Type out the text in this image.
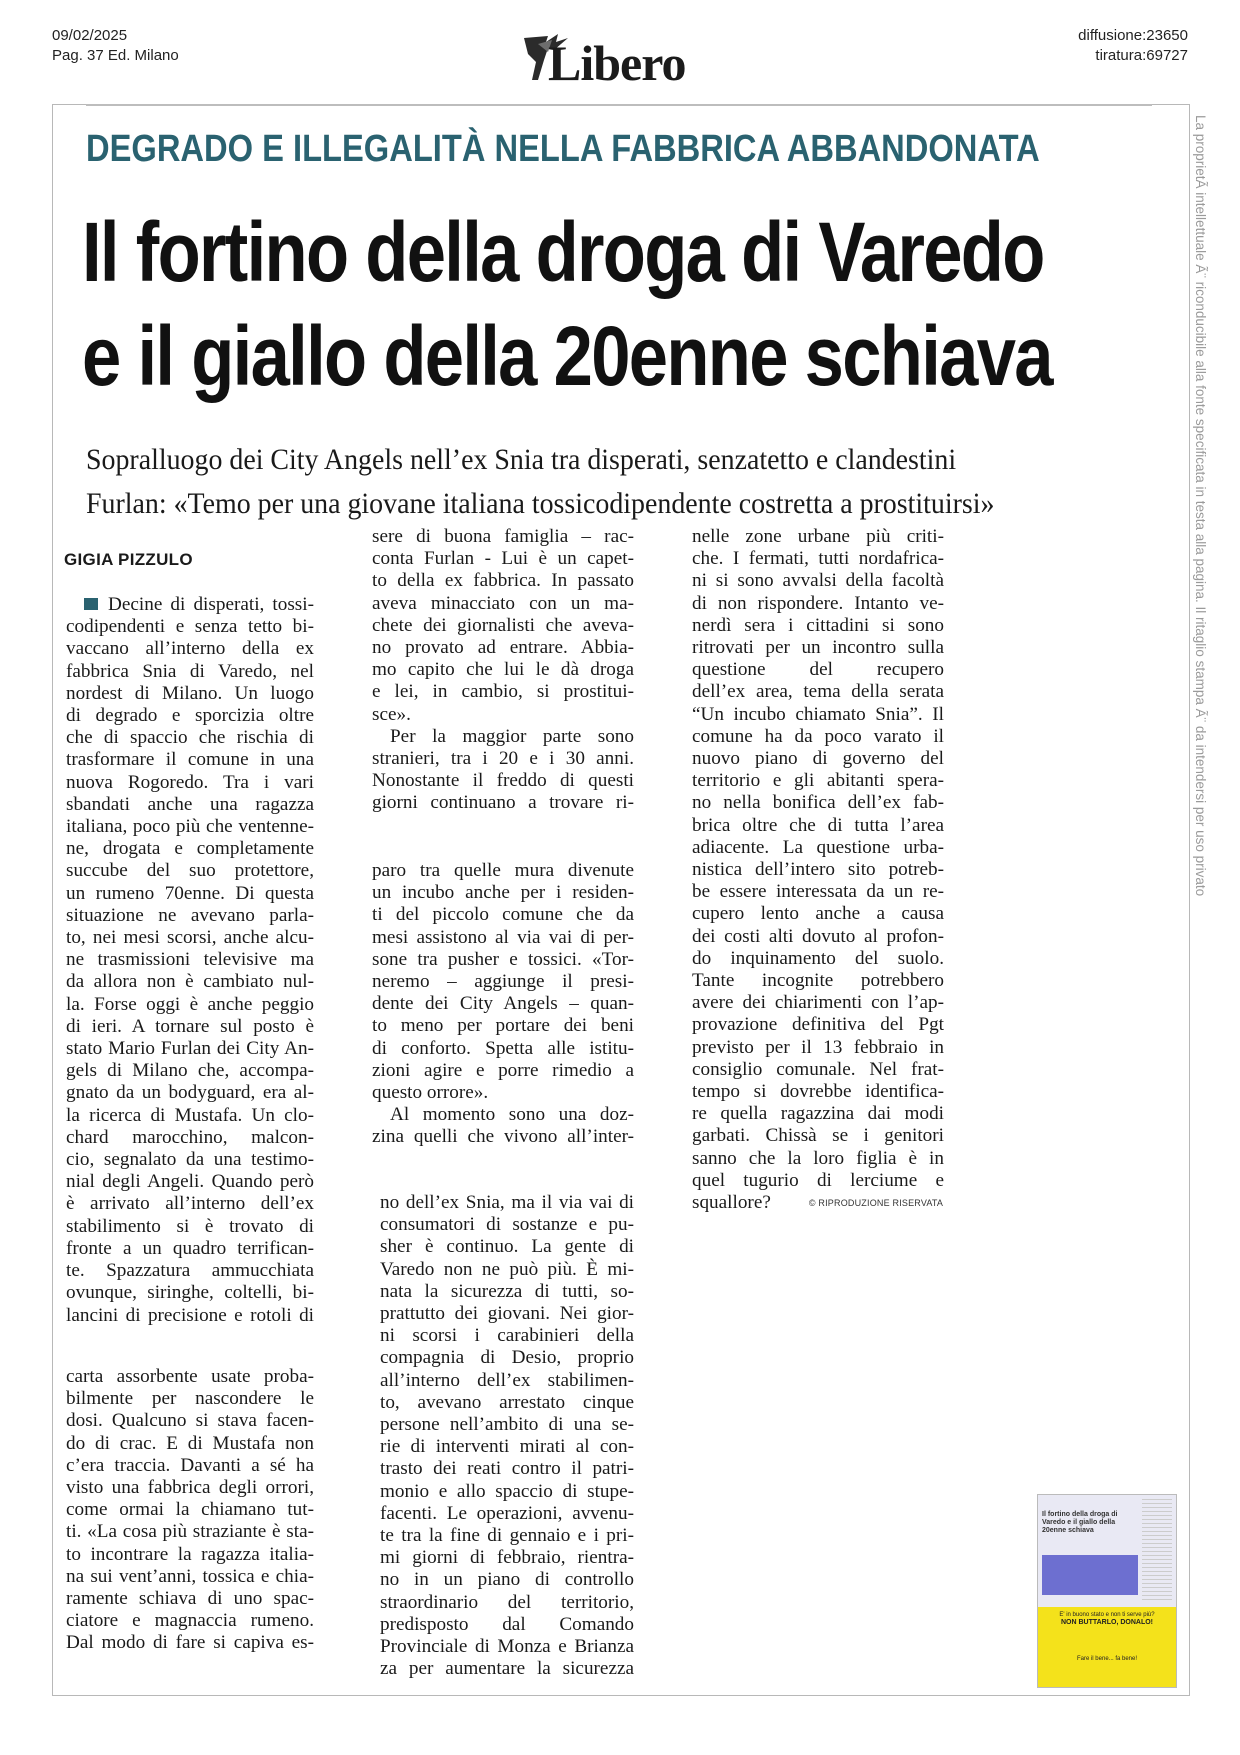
09/02/2025
Pag. 37 Ed. Milano	Libero	diffusione:23650
tiratura:69727
La proprietÃ intellettuale Ã¨ riconducibile alla fonte specificata in testa alla pagina. Il ritaglio stampa Ã¨ da intendersi per uso privato
DEGRADO E ILLEGALITÀ NELLA FABBRICA ABBANDONATA
Il fortino della droga di Varedo
e il giallo della 20enne schiava
Sopralluogo dei City Angels nell’ex Snia tra disperati, senzatetto e clandestini
Furlan: «Temo per una giovane italiana tossicodipendente costretta a prostituirsi»
GIGIA PIZZULO
Decine di disperati, tossi-
codipendenti e senza tetto bi-
vaccano all’interno della ex
fabbrica Snia di Varedo, nel
nordest di Milano. Un luogo
di degrado e sporcizia oltre
che di spaccio che rischia di
trasformare il comune in una
nuova Rogoredo. Tra i vari
sbandati anche una ragazza
italiana, poco più che ventenne-
ne, drogata e completamente
succube del suo protettore,
un rumeno 70enne. Di questa
situazione ne avevano parla-
to, nei mesi scorsi, anche alcu-
ne trasmissioni televisive ma
da allora non è cambiato nul-
la. Forse oggi è anche peggio
di ieri. A tornare sul posto è
stato Mario Furlan dei City An-
gels di Milano che, accompa-
gnato da un bodyguard, era al-
la ricerca di Mustafa. Un clo-
chard marocchino, malcon-
cio, segnalato da una testimo-
nial degli Angeli. Quando però
è arrivato all’interno dell’ex
stabilimento si è trovato di
fronte a un quadro terrifican-
te. Spazzatura ammucchiata
ovunque, siringhe, coltelli, bi-
lancini di precisione e rotoli di
carta assorbente usate proba-
bilmente per nascondere le
dosi. Qualcuno si stava facen-
do di crac. E di Mustafa non
c’era traccia. Davanti a sé ha
visto una fabbrica degli orrori,
come ormai la chiamano tut-
ti. «La cosa più straziante è sta-
to incontrare la ragazza italia-
na sui vent’anni, tossica e chia-
ramente schiava di uno spac-
ciatore e magnaccia rumeno.
Dal modo di fare si capiva es-
sere di buona famiglia – rac-
conta Furlan - Lui è un capet-
to della ex fabbrica. In passato
aveva minacciato con un ma-
chete dei giornalisti che aveva-
no provato ad entrare. Abbia-
mo capito che lui le dà droga
e lei, in cambio, si prostitui-
sce».
Per la maggior parte sono
stranieri, tra i 20 e i 30 anni.
Nonostante il freddo di questi
giorni continuano a trovare ri-
paro tra quelle mura divenute
un incubo anche per i residen-
ti del piccolo comune che da
mesi assistono al via vai di per-
sone tra pusher e tossici. «Tor-
neremo – aggiunge il presi-
dente dei City Angels – quan-
to meno per portare dei beni
di conforto. Spetta alle istitu-
zioni agire e porre rimedio a
questo orrore».
Al momento sono una doz-
zina quelli che vivono all’inter-
no dell’ex Snia, ma il via vai di
consumatori di sostanze e pu-
sher è continuo. La gente di
Varedo non ne può più. È mi-
nata la sicurezza di tutti, so-
prattutto dei giovani. Nei gior-
ni scorsi i carabinieri della
compagnia di Desio, proprio
all’interno dell’ex stabilimen-
to, avevano arrestato cinque
persone nell’ambito di una se-
rie di interventi mirati al con-
trasto dei reati contro il patri-
monio e allo spaccio di stupe-
facenti. Le operazioni, avvenu-
te tra la fine di gennaio e i pri-
mi giorni di febbraio, rientra-
no in un piano di controllo
straordinario del territorio,
predisposto dal Comando
Provinciale di Monza e Brianza
za per aumentare la sicurezza
nelle zone urbane più criti-
che. I fermati, tutti nordafrica-
ni si sono avvalsi della facoltà
di non rispondere. Intanto ve-
nerdì sera i cittadini si sono
ritrovati per un incontro sulla
questione del recupero
dell’ex area, tema della serata
“Un incubo chiamato Snia”. Il
comune ha da poco varato il
nuovo piano di governo del
territorio e gli abitanti spera-
no nella bonifica dell’ex fab-
brica oltre che di tutta l’area
adiacente. La questione urba-
nistica dell’intero sito potreb-
be essere interessata da un re-
cupero lento anche a causa
dei costi alti dovuto al profon-
do inquinamento del suolo.
Tante incognite potrebbero
avere dei chiarimenti con l’ap-
provazione definitiva del Pgt
previsto per il 13 febbraio in
consiglio comunale. Nel frat-
tempo si dovrebbe identifica-
re quella ragazzina dai modi
garbati. Chissà se i genitori
sanno che la loro figlia è in
quel tugurio di lerciume e
squallore?	© RIPRODUZIONE RISERVATA
Il fortino della droga di Varedo e il giallo della 20enne schiava
E' in buono stato e non ti serve più?
NON BUTTARLO, DONALO!
Fare il bene... fa bene!
